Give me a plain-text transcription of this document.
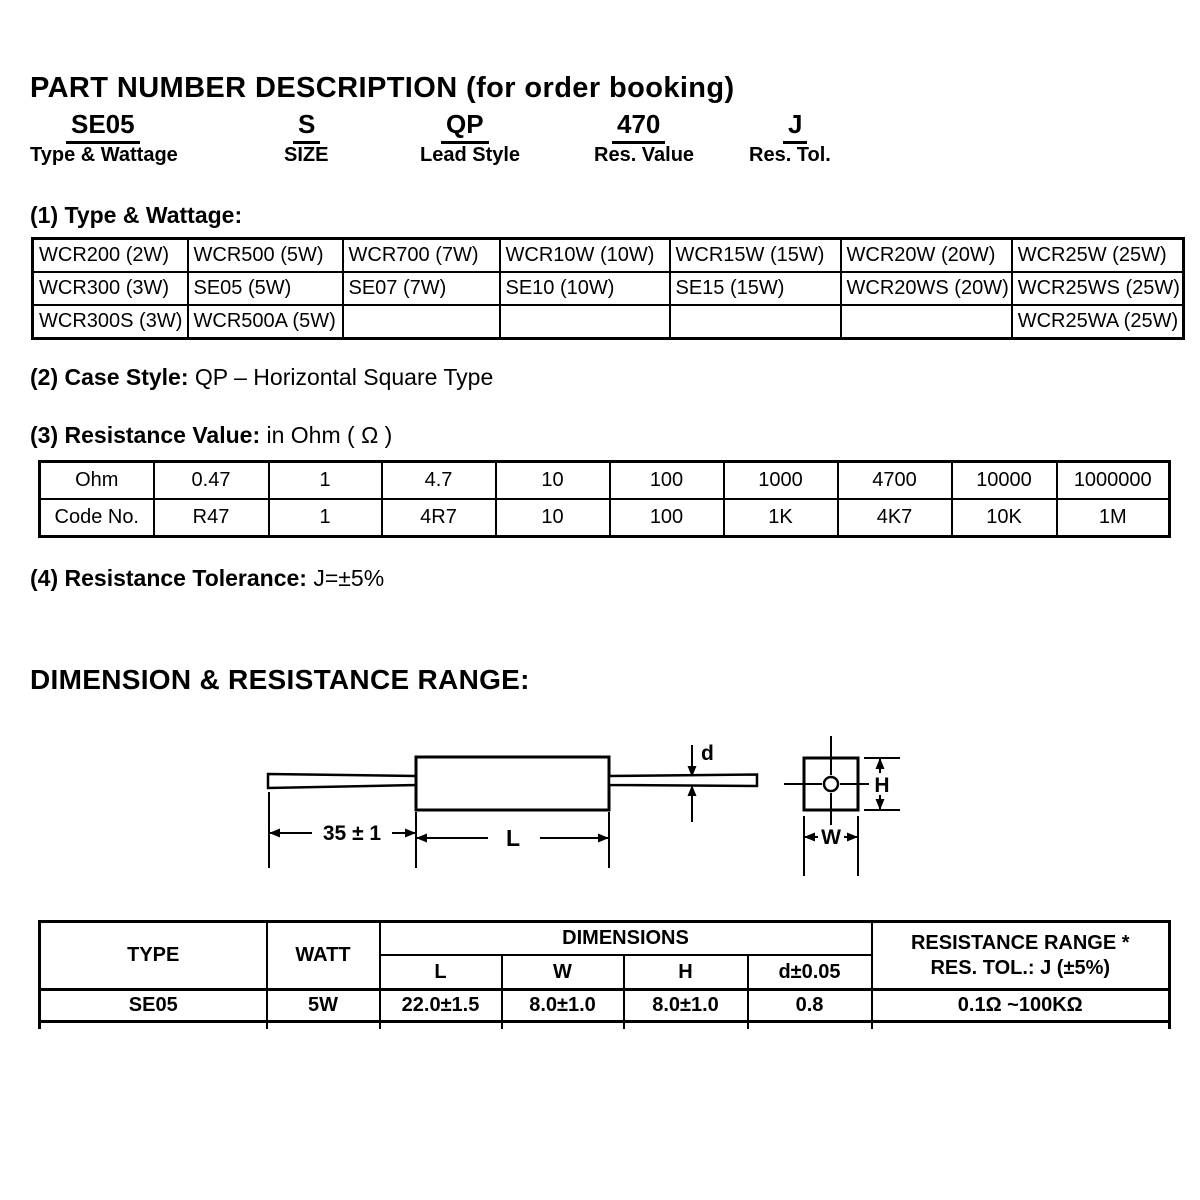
PART NUMBER DESCRIPTION (for order booking)
SE05	S	QP	470	J
Type & Wattage	SIZE	Lead Style	Res. Value	Res. Tol.
(1) Type & Wattage:
WCR200 (2W)	WCR500 (5W)	WCR700 (7W)	WCR10W (10W)	WCR15W (15W)	WCR20W (20W)	WCR25W (25W)
WCR300 (3W)	SE05 (5W)	SE07 (7W)	SE10 (10W)	SE15 (15W)	WCR20WS (20W)	WCR25WS (25W)
WCR300S (3W)	WCR500A (5W)					WCR25WA (25W)
(2) Case Style: QP – Horizontal Square Type
(3) Resistance Value: in Ohm ( Ω )
Ohm	0.47	1	4.7	10	100	1000	4700	10000	1000000
Code No.	R47	1	4R7	10	100	1K	4K7	10K	1M
(4) Resistance Tolerance: J=±5%
DIMENSION & RESISTANCE RANGE:
d
35 ± 1	L
H
W
TYPE	WATT	DIMENSIONS				RESISTANCE RANGE *
RES. TOL.: J (±5%)

		L	W	H	d±0.05	
SE05	5W	22.0±1.5	8.0±1.0	8.0±1.0	0.8	0.1Ω ~100KΩ
